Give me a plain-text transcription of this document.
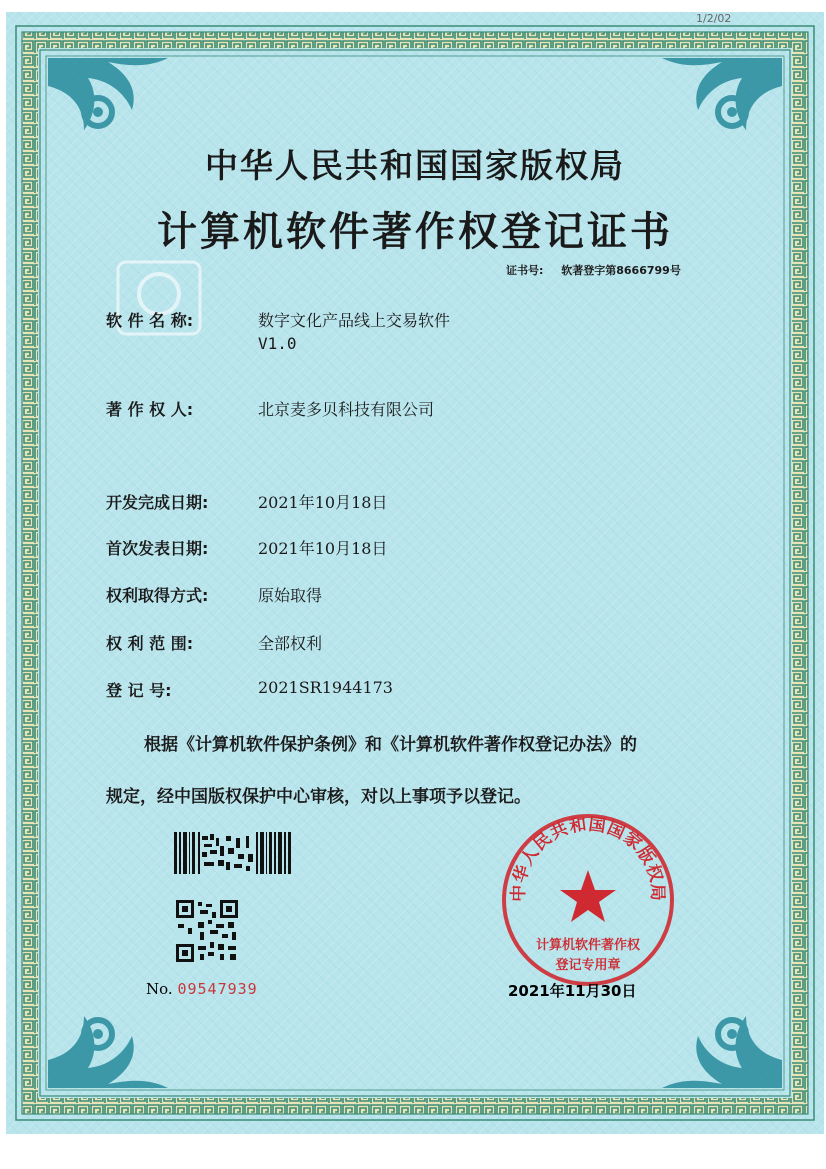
1/2/02
中华人民共和国国家版权局
计算机软件著作权登记证书
证书号: 软著登字第8666799号
软 件 名 称:	数字文化产品线上交易软件
V1.0
著 作 权 人:	北京麦多贝科技有限公司
开发完成日期:	2021年10月18日
首次发表日期:	2021年10月18日
权利取得方式:	原始取得
权 利 范 围:	全部权利
登 记 号:	2021SR1944173
根据《计算机软件保护条例》和《计算机软件著作权登记办法》的
规定，经中国版权保护中心审核，对以上事项予以登记。
No. 09547939
中华人民共和国国家版权局
计算机软件著作权
登记专用章
2021年11月30日
